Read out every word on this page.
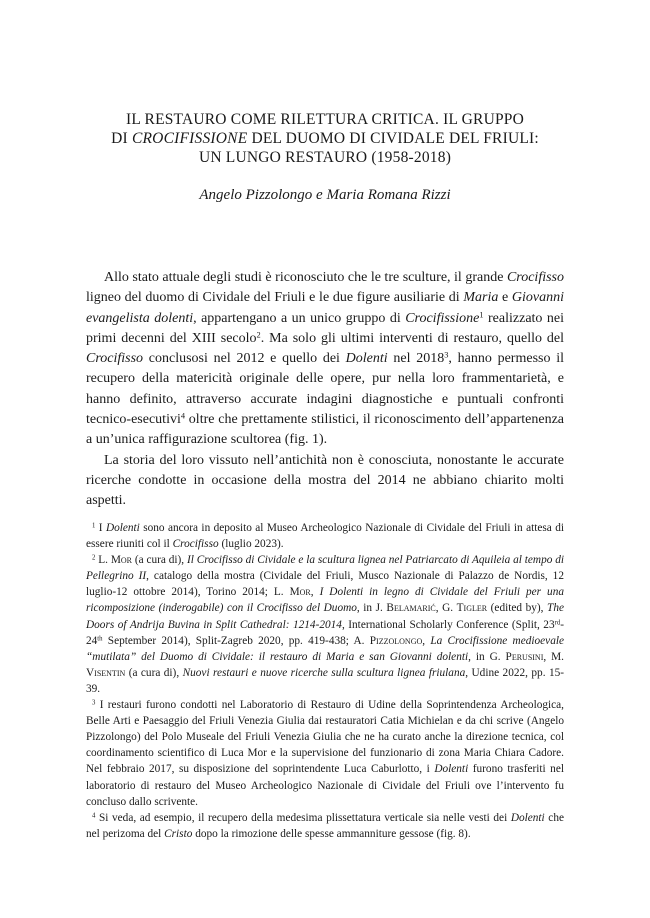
IL RESTAURO COME RILETTURA CRITICA. IL GRUPPO
DI CROCIFISSIONE DEL DUOMO DI CIVIDALE DEL FRIULI:
UN LUNGO RESTAURO (1958-2018)
Angelo Pizzolongo e Maria Romana Rizzi

Allo stato attuale degli studi è riconosciuto che le tre sculture, il grande Crocifisso ligneo del duomo di Cividale del Friuli e le due figure ausiliarie di Maria e Giovanni evangelista dolenti, appartengano a un unico gruppo di Crocifissione$^1$ realizzato nei primi decenni del XIII secolo$^2$. Ma solo gli ultimi interventi di restauro, quello del Crocifisso conclusosi nel 2012 e quello dei Dolenti nel 2018$^3$, hanno permesso il recupero della matericità originale delle opere, pur nella loro frammentarietà, e hanno definito, attraverso accurate indagini diagnostiche e puntuali confronti tecnico-esecutivi$^4$ oltre che prettamente stilistici, il riconoscimento dell’appartenenza a un’unica raffigurazione scultorea (fig. 1).

La storia del loro vissuto nell’antichità non è conosciuta, nonostante le accurate ricerche condotte in occasione della mostra del 2014 ne abbiano chiarito molti aspetti.

$^1$ I Dolenti sono ancora in deposito al Museo Archeologico Nazionale di Cividale del Friuli in attesa di essere riuniti col il Crocifisso (luglio 2023).

$^2$ L. Mor (a cura di), Il Crocifisso di Cividale e la scultura lignea nel Patriarcato di Aquileia al tempo di Pellegrino II, catalogo della mostra (Cividale del Friuli, Musco Nazionale di Palazzo de Nordis, 12 luglio-12 ottobre 2014), Torino 2014; L. Mor, I Dolenti in legno di Cividale del Friuli per una ricomposizione (inderogabile) con il Crocifisso del Duomo, in J. Belamarić, G. Tigler (edited by), The Doors of Andrija Buvina in Split Cathedral: 1214-2014, International Scholarly Conference (Split, 23rd-24th September 2014), Split-Zagreb 2020, pp. 419-438; A. Pizzolongo, La Crocifissione medioevale “mutilata” del Duomo di Cividale: il restauro di Maria e san Giovanni dolenti, in G. Perusini, M. Visentin (a cura di), Nuovi restauri e nuove ricerche sulla scultura lignea friulana, Udine 2022, pp. 15-39.

$^3$ I restauri furono condotti nel Laboratorio di Restauro di Udine della Soprintendenza Archeologica, Belle Arti e Paesaggio del Friuli Venezia Giulia dai restauratori Catia Michielan e da chi scrive (Angelo Pizzolongo) del Polo Museale del Friuli Venezia Giulia che ne ha curato anche la direzione tecnica, col coordinamento scientifico di Luca Mor e la supervisione del funzionario di zona Maria Chiara Cadore. Nel febbraio 2017, su disposizione del soprintendente Luca Caburlotto, i Dolenti furono trasferiti nel laboratorio di restauro del Museo Archeologico Nazionale di Cividale del Friuli ove l’intervento fu concluso dallo scrivente.

$^4$ Si veda, ad esempio, il recupero della medesima plissettatura verticale sia nelle vesti dei Dolenti che nel perizoma del Cristo dopo la rimozione delle spesse ammanniture gessose (fig. 8).
